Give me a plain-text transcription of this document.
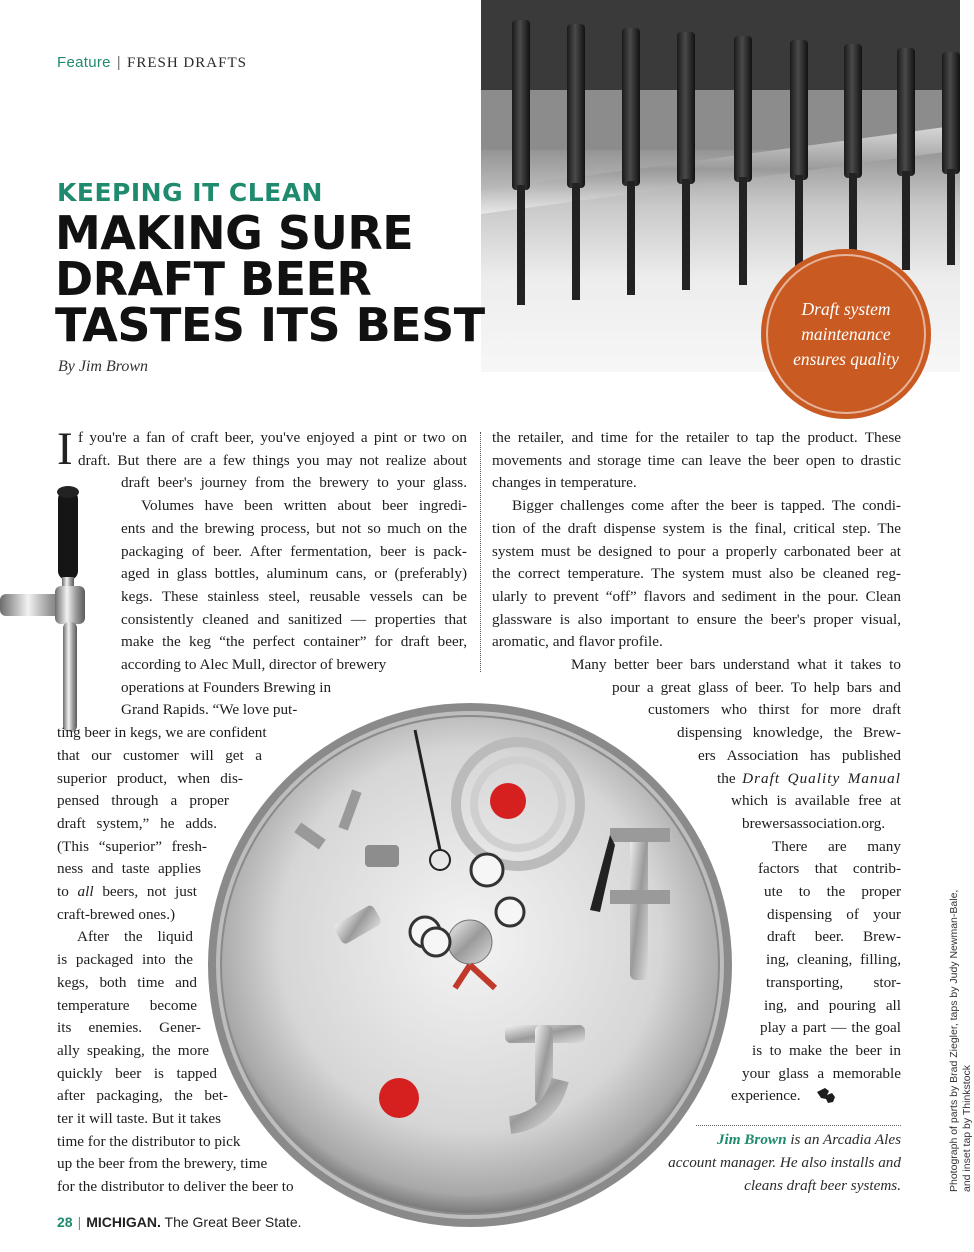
Feature | FRESH DRAFTS
KEEPING IT CLEAN
MAKING SURE
DRAFT BEER
TASTES ITS BEST
By Jim Brown
Draft system
maintenance
ensures quality
I f you're a fan of craft beer, you've enjoyed a pint or two on
draft. But there are a few things you may not realize about
draft beer's journey from the brewery to your glass.
Volumes have been written about beer ingredi-
ents and the brewing process, but not so much on the
packaging of beer. After fermentation, beer is pack-
aged in glass bottles, aluminum cans, or (preferably)
kegs. These stainless steel, reusable vessels can be
consistently cleaned and sanitized — properties that
make the keg “the perfect container” for draft beer,
according to Alec Mull, director of brewery
operations at Founders Brewing in
Grand Rapids. “We love put-
ting beer in kegs, we are confident
that our customer will get a
superior product, when dis-
pensed through a proper
draft system,” he adds.
(This “superior” fresh-
ness and taste applies
to all beers, not just
craft-brewed ones.)
After the liquid
is packaged into the
kegs, both time and
temperature become
its enemies. Gener-
ally speaking, the more
quickly beer is tapped
after packaging, the bet-
ter it will taste. But it takes
time for the distributor to pick
up the beer from the brewery, time
for the distributor to deliver the beer to
the retailer, and time for the retailer to tap the product. These
movements and storage time can leave the beer open to drastic
changes in temperature.
Bigger challenges come after the beer is tapped. The condi-
tion of the draft dispense system is the final, critical step. The
system must be designed to pour a properly carbonated beer at
the correct temperature. The system must also be cleaned reg-
ularly to prevent “off” flavors and sediment in the pour. Clean
glassware is also important to ensure the beer's proper visual,
aromatic, and flavor profile.
Many better beer bars understand what it takes to
pour a great glass of beer. To help bars and
customers who thirst for more draft
dispensing knowledge, the Brew-
ers Association has published
the Draft Quality Manual
which is available free at
brewersassociation.org.
There are many
factors that contrib-
ute to the proper
dispensing of your
draft beer. Brew-
ing, cleaning, filling,
transporting, stor-
ing, and pouring all
play a part — the goal
is to make the beer in
your glass a memorable
experience.
Jim Brown is an Arcadia Ales
account manager. He also installs and
cleans draft beer systems.	Photograph of parts by Brad Ziegler, taps by Judy Newman-Bale, and inset tap by Thinkstock
28 | MICHIGAN. The Great Beer State.
